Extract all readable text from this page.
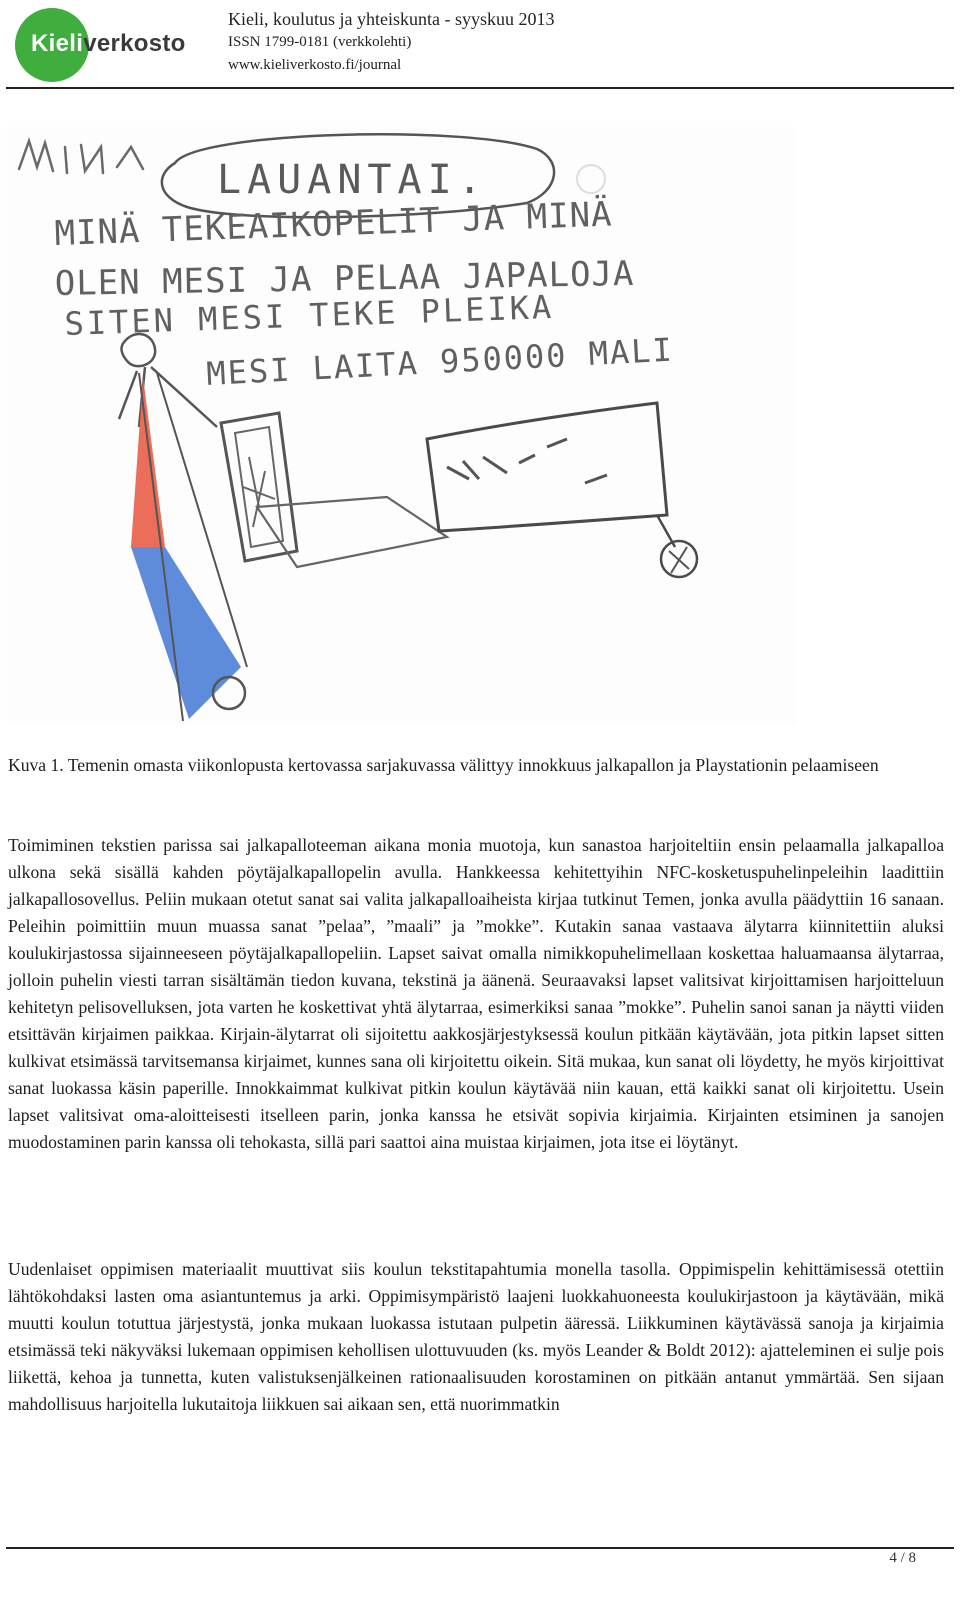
Kieliverkosto
Kieli, koulutus ja yhteiskunta - syyskuu 2013
ISSN 1799-0181 (verkkolehti)
www.kieliverkosto.fi/journal
LAUANTAI.
MINÄ TEKEAIKOPELIT JA MINÄ
OLEN MESI JA PELAA JAPALOJA
SITEN MESI TEKE PLEIKA
MESI LAITA 950000 MALI

Kuva 1. Temenin omasta viikonlopusta kertovassa sarjakuvassa välittyy innokkuus jalkapallon ja Playstationin pelaamiseen

Toimiminen tekstien parissa sai jalkapalloteeman aikana monia muotoja, kun sanastoa harjoiteltiin ensin pelaamalla jalkapalloa ulkona sekä sisällä kahden pöytäjalkapallopelin avulla. Hankkeessa kehitettyihin NFC-kosketuspuhelinpeleihin laadittiin jalkapallosovellus. Peliin mukaan otetut sanat sai valita jalkapalloaiheista kirjaa tutkinut Temen, jonka avulla päädyttiin 16 sanaan. Peleihin poimittiin muun muassa sanat ”pelaa”, ”maali” ja ”mokke”. Kutakin sanaa vastaava älytarra kiinnitettiin aluksi koulukirjastossa sijainneeseen pöytäjalkapallopeliin. Lapset saivat omalla nimikkopuhelimellaan koskettaa haluamaansa älytarraa, jolloin puhelin viesti tarran sisältämän tiedon kuvana, tekstinä ja äänenä. Seuraavaksi lapset valitsivat kirjoittamisen harjoitteluun kehitetyn pelisovelluksen, jota varten he koskettivat yhtä älytarraa, esimerkiksi sanaa ”mokke”. Puhelin sanoi sanan ja näytti viiden etsittävän kirjaimen paikkaa. Kirjain-älytarrat oli sijoitettu aakkosjärjestyksessä koulun pitkään käytävään, jota pitkin lapset sitten kulkivat etsimässä tarvitsemansa kirjaimet, kunnes sana oli kirjoitettu oikein. Sitä mukaa, kun sanat oli löydetty, he myös kirjoittivat sanat luokassa käsin paperille. Innokkaimmat kulkivat pitkin koulun käytävää niin kauan, että kaikki sanat oli kirjoitettu. Usein lapset valitsivat oma-aloitteisesti itselleen parin, jonka kanssa he etsivät sopivia kirjaimia. Kirjainten etsiminen ja sanojen muodostaminen parin kanssa oli tehokasta, sillä pari saattoi aina muistaa kirjaimen, jota itse ei löytänyt.

Uudenlaiset oppimisen materiaalit muuttivat siis koulun tekstitapahtumia monella tasolla. Oppimispelin kehittämisessä otettiin lähtökohdaksi lasten oma asiantuntemus ja arki. Oppimisympäristö laajeni luokkahuoneesta koulukirjastoon ja käytävään, mikä muutti koulun totuttua järjestystä, jonka mukaan luokassa istutaan pulpetin ääressä. Liikkuminen käytävässä sanoja ja kirjaimia etsimässä teki näkyväksi lukemaan oppimisen kehollisen ulottuvuuden (ks. myös Leander & Boldt 2012): ajatteleminen ei sulje pois liikettä, kehoa ja tunnetta, kuten valistuksenjälkeinen rationaalisuuden korostaminen on pitkään antanut ymmärtää. Sen sijaan mahdollisuus harjoitella lukutaitoja liikkuen sai aikaan sen, että nuorimmatkin

4 / 8
